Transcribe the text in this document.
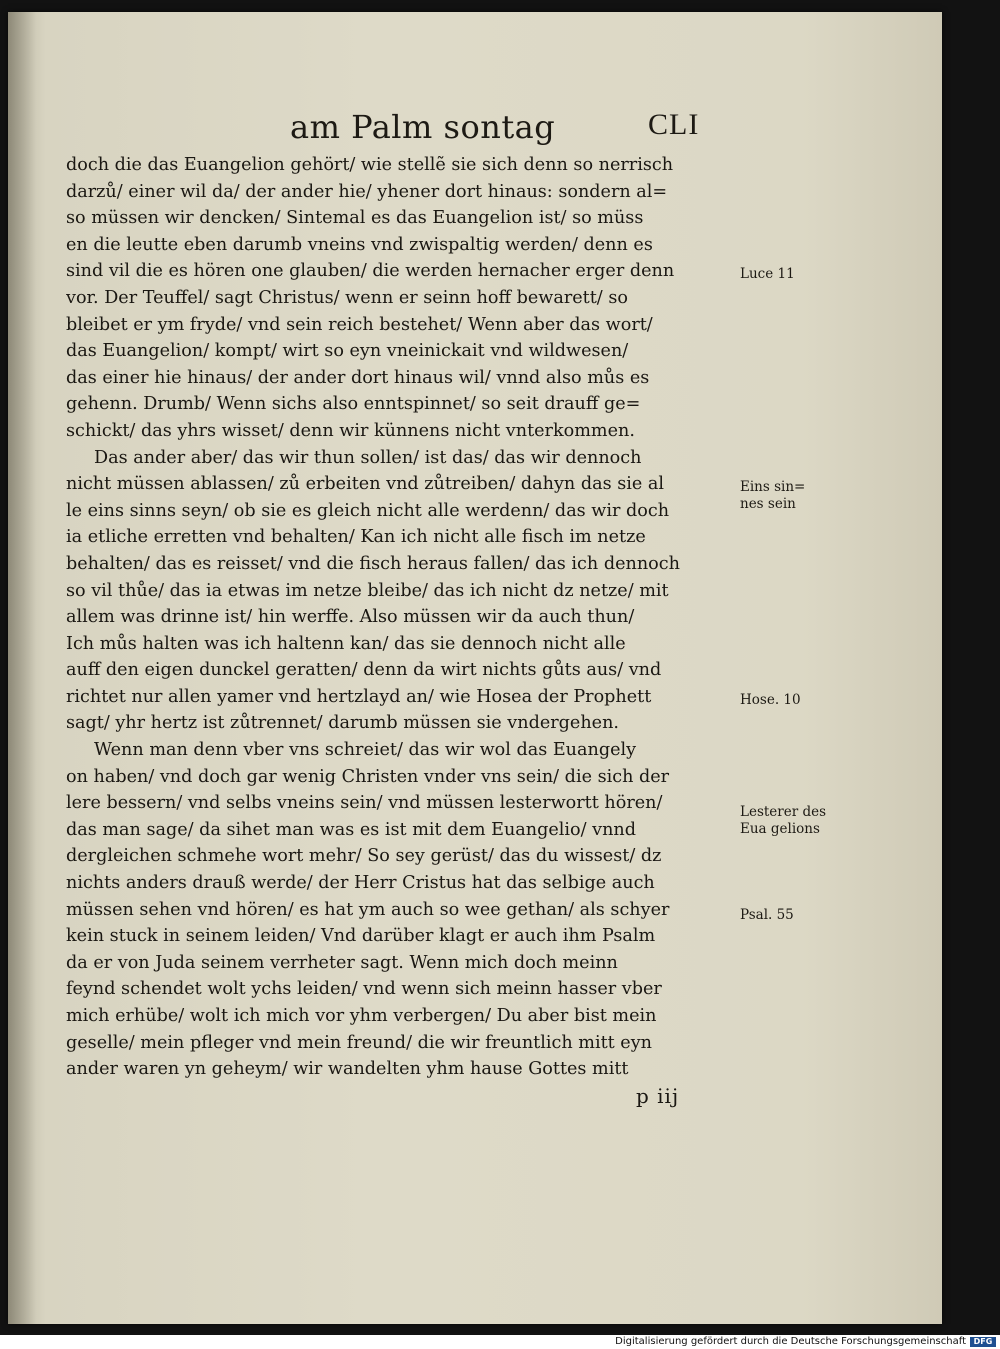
am Palm sontag	CLI
doch die das Euangelion gehört/ wie stellẽ sie sich denn so nerrisch
darzů/ einer wil da/ der ander hie/ yhener dort hinaus: sondern al=
so müssen wir dencken/ Sintemal es das Euangelion ist/ so müss
en die leutte eben darumb vneins vnd zwispaltig werden/ denn es
sind vil die es hören one glauben/ die werden hernacher erger denn
vor. Der Teuffel/ sagt Christus/ wenn er seinn hoff bewarett/ so
bleibet er ym fryde/ vnd sein reich bestehet/ Wenn aber das wort/
das Euangelion/ kompt/ wirt so eyn vneinickait vnd wildwesen/
das einer hie hinaus/ der ander dort hinaus wil/ vnnd also můs es
gehenn. Drumb/ Wenn sichs also enntspinnet/ so seit drauff ge=
schickt/ das yhrs wisset/ denn wir künnens nicht vnterkommen.
Das ander aber/ das wir thun sollen/ ist das/ das wir dennoch
nicht müssen ablassen/ zů erbeiten vnd zůtreiben/ dahyn das sie al
le eins sinns seyn/ ob sie es gleich nicht alle werdenn/ das wir doch
ia etliche erretten vnd behalten/ Kan ich nicht alle fisch im netze
behalten/ das es reisset/ vnd die fisch heraus fallen/ das ich dennoch
so vil thůe/ das ia etwas im netze bleibe/ das ich nicht dz netze/ mit
allem was drinne ist/ hin werffe. Also müssen wir da auch thun/
Ich můs halten was ich haltenn kan/ das sie dennoch nicht alle
auff den eigen dunckel geratten/ denn da wirt nichts gůts aus/ vnd
richtet nur allen yamer vnd hertzlayd an/ wie Hosea der Prophett
sagt/ yhr hertz ist zůtrennet/ darumb müssen sie vndergehen.
Wenn man denn vber vns schreiet/ das wir wol das Euangely
on haben/ vnd doch gar wenig Christen vnder vns sein/ die sich der
lere bessern/ vnd selbs vneins sein/ vnd müssen lesterwortt hören/
das man sage/ da sihet man was es ist mit dem Euangelio/ vnnd
dergleichen schmehe wort mehr/ So sey gerüst/ das du wissest/ dz
nichts anders drauß werde/ der Herr Cristus hat das selbige auch
müssen sehen vnd hören/ es hat ym auch so wee gethan/ als schyer
kein stuck in seinem leiden/ Vnd darüber klagt er auch ihm Psalm
da er von Juda seinem verrheter sagt. Wenn mich doch meinn
feynd schendet wolt ychs leiden/ vnd wenn sich meinn hasser vber
mich erhübe/ wolt ich mich vor yhm verbergen/ Du aber bist mein
geselle/ mein pfleger vnd mein freund/ die wir freuntlich mitt eyn
ander waren yn geheym/ wir wandelten yhm hause Gottes mitt
Luce 11
Eins sin= nes sein
Hose. 10
Lesterer des Eua gelions
Psal. 55
p iij
Digitalisierung gefördert durch die Deutsche Forschungsgemeinschaft DFG
